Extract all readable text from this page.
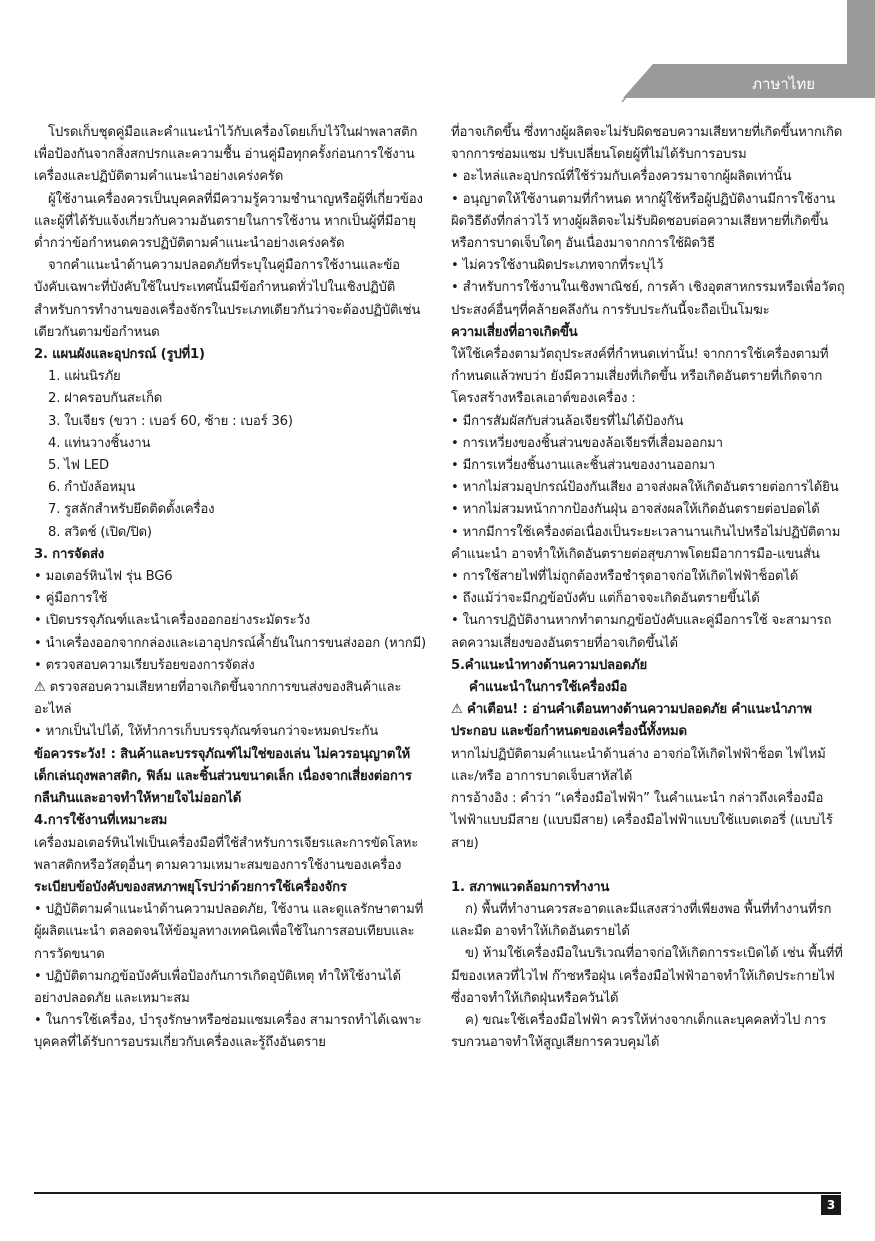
ภาษาไทย

โปรดเก็บชุดคู่มือและคำแนะนำไว้กับเครื่องโดยเก็บไว้ในฝาพลาสติกเพื่อป้องกันจากสิ่งสกปรกและความชื้น อ่านคู่มือทุกครั้งก่อนการใช้งานเครื่องและปฏิบัติตามคำแนะนำอย่างเคร่งครัด

ผู้ใช้งานเครื่องควรเป็นบุคคลที่มีความรู้ความชำนาญหรือผู้ที่เกี่ยวข้อง และผู้ที่ได้รับแจ้งเกี่ยวกับความอันตรายในการใช้งาน หากเป็นผู้ที่มีอายุต่ำกว่าข้อกำหนดควรปฏิบัติตามคำแนะนำอย่างเคร่งครัด

จากคำแนะนำด้านความปลอดภัยที่ระบุในคู่มือการใช้งานและข้อบังคับเฉพาะที่บังคับใช้ในประเทศนั้นมีข้อกำหนดทั่วไปในเชิงปฏิบัติสำหรับการทำงานของเครื่องจักรในประเภทเดียวกันว่าจะต้องปฏิบัติเช่นเดียวกันตามข้อกำหนด

2. แผนผังและอุปกรณ์ (รูปที่1)

1. แผ่นนิรภัย

2. ฝาครอบกันสะเก็ด

3. ใบเจียร (ขวา : เบอร์ 60, ซ้าย : เบอร์ 36)

4. แท่นวางชิ้นงาน

5. ไฟ LED

6. กำบังล้อหมุน

7. รูสลักสำหรับยึดติดตั้งเครื่อง

8. สวิตช์ (เปิด/ปิด)

3. การจัดส่ง

• มอเตอร์หินไฟ รุ่น BG6

• คู่มือการใช้

• เปิดบรรจุภัณฑ์และนำเครื่องออกอย่างระมัดระวัง

• นำเครื่องออกจากกล่องและเอาอุปกรณ์ค้ำยันในการขนส่งออก (หากมี)

• ตรวจสอบความเรียบร้อยของการจัดส่ง

⚠ ตรวจสอบความเสียหายที่อาจเกิดขึ้นจากการขนส่งของสินค้าและอะไหล่

• หากเป็นไปได้, ให้ทำการเก็บบรรจุภัณฑ์จนกว่าจะหมดประกัน

ข้อควรระวัง! : สินค้าและบรรจุภัณฑ์ไม่ใช่ของเล่น ไม่ควรอนุญาตให้เด็กเล่นถุงพลาสติก, ฟิล์ม และชิ้นส่วนขนาดเล็ก เนื่องจากเสี่ยงต่อการกลืนกินและอาจทำให้หายใจไม่ออกได้

4.การใช้งานที่เหมาะสม

เครื่องมอเตอร์หินไฟเป็นเครื่องมือที่ใช้สำหรับการเจียรและการขัดโลหะ พลาสติกหรือวัสดุอื่นๆ ตามความเหมาะสมของการใช้งานของเครื่อง

ระเบียบข้อบังคับของสหภาพยุโรปว่าด้วยการใช้เครื่องจักร

• ปฏิบัติตามคำแนะนำด้านความปลอดภัย, ใช้งาน และดูแลรักษาตามที่ผู้ผลิตแนะนำ ตลอดจนให้ข้อมูลทางเทคนิคเพื่อใช้ในการสอบเทียบและการวัดขนาด

• ปฏิบัติตามกฎข้อบังคับเพื่อป้องกันการเกิดอุบัติเหตุ ทำให้ใช้งานได้อย่างปลอดภัย และเหมาะสม

• ในการใช้เครื่อง, บำรุงรักษาหรือซ่อมแซมเครื่อง สามารถทำได้เฉพาะบุคคลที่ได้รับการอบรมเกี่ยวกับเครื่องและรู้ถึงอันตราย

ที่อาจเกิดขึ้น ซึ่งทางผู้ผลิตจะไม่รับผิดชอบความเสียหายที่เกิดขึ้นหากเกิดจากการซ่อมแซม ปรับเปลี่ยนโดยผู้ที่ไม่ได้รับการอบรม

• อะไหล่และอุปกรณ์ที่ใช้ร่วมกับเครื่องควรมาจากผู้ผลิตเท่านั้น

• อนุญาตให้ใช้งานตามที่กำหนด หากผู้ใช้หรือผู้ปฏิบัติงานมีการใช้งานผิดวิธีดังที่กล่าวไว้ ทางผู้ผลิตจะไม่รับผิดชอบต่อความเสียหายที่เกิดขึ้นหรือการบาดเจ็บใดๆ อันเนื่องมาจากการใช้ผิดวิธี

• ไม่ควรใช้งานผิดประเภทจากที่ระบุไว้

• สำหรับการใช้งานในเชิงพาณิชย์, การค้า เชิงอุตสาหกรรมหรือเพื่อวัตถุประสงค์อื่นๆที่คล้ายคลึงกัน การรับประกันนี้จะถือเป็นโมฆะ

ความเสี่ยงที่อาจเกิดขึ้น

ให้ใช้เครื่องตามวัตถุประสงค์ที่กำหนดเท่านั้น! จากการใช้เครื่องตามที่กำหนดแล้วพบว่า ยังมีความเสี่ยงที่เกิดขึ้น หรือเกิดอันตรายที่เกิดจากโครงสร้างหรือเลเอาต์ของเครื่อง :

• มีการสัมผัสกับส่วนล้อเจียรที่ไม่ได้ป้องกัน

• การเหวี่ยงของชิ้นส่วนของล้อเจียรที่เสื่อมออกมา

• มีการเหวี่ยงชิ้นงานและชิ้นส่วนของงานออกมา

• หากไม่สวมอุปกรณ์ป้องกันเสียง อาจส่งผลให้เกิดอันตรายต่อการได้ยิน

• หากไม่สวมหน้ากากป้องกันฝุ่น อาจส่งผลให้เกิดอันตรายต่อปอดได้

• หากมีการใช้เครื่องต่อเนื่องเป็นระยะเวลานานเกินไปหรือไม่ปฏิบัติตามคำแนะนำ อาจทำให้เกิดอันตรายต่อสุขภาพโดยมีอาการมือ-แขนสั่น

• การใช้สายไฟที่ไม่ถูกต้องหรือชำรุดอาจก่อให้เกิดไฟฟ้าช็อตได้

• ถึงแม้ว่าจะมีกฎข้อบังคับ แต่ก็อาจจะเกิดอันตรายขึ้นได้

• ในการปฏิบัติงานหากทำตามกฎข้อบังคับและคู่มือการใช้ จะสามารถลดความเสี่ยงของอันตรายที่อาจเกิดขึ้นได้

5.คำแนะนำทางด้านความปลอดภัย

คำแนะนำในการใช้เครื่องมือ

⚠ คำเตือน! : อ่านคำเตือนทางด้านความปลอดภัย คำแนะนำภาพประกอบ และข้อกำหนดของเครื่องนี้ทั้งหมด

หากไม่ปฏิบัติตามคำแนะนำด้านล่าง อาจก่อให้เกิดไฟฟ้าช็อต ไฟไหม้ และ/หรือ อาการบาดเจ็บสาหัสได้

การอ้างอิง : คำว่า “เครื่องมือไฟฟ้า” ในคำแนะนำ กล่าวถึงเครื่องมือไฟฟ้าแบบมีสาย (แบบมีสาย) เครื่องมือไฟฟ้าแบบใช้แบตเตอรี่ (แบบไร้สาย)

1. สภาพแวดล้อมการทำงาน

ก) พื้นที่ทำงานควรสะอาดและมีแสงสว่างที่เพียงพอ พื้นที่ทำงานที่รกและมืด อาจทำให้เกิดอันตรายได้

ข) ห้ามใช้เครื่องมือในบริเวณที่อาจก่อให้เกิดการระเบิดได้ เช่น พื้นที่ที่มีของเหลวที่ไวไฟ ก๊าซหรือฝุ่น เครื่องมือไฟฟ้าอาจทำให้เกิดประกายไฟ ซึ่งอาจทำให้เกิดฝุ่นหรือควันได้

ค) ขณะใช้เครื่องมือไฟฟ้า ควรให้ห่างจากเด็กและบุคคลทั่วไป การรบกวนอาจทำให้สูญเสียการควบคุมได้

3
